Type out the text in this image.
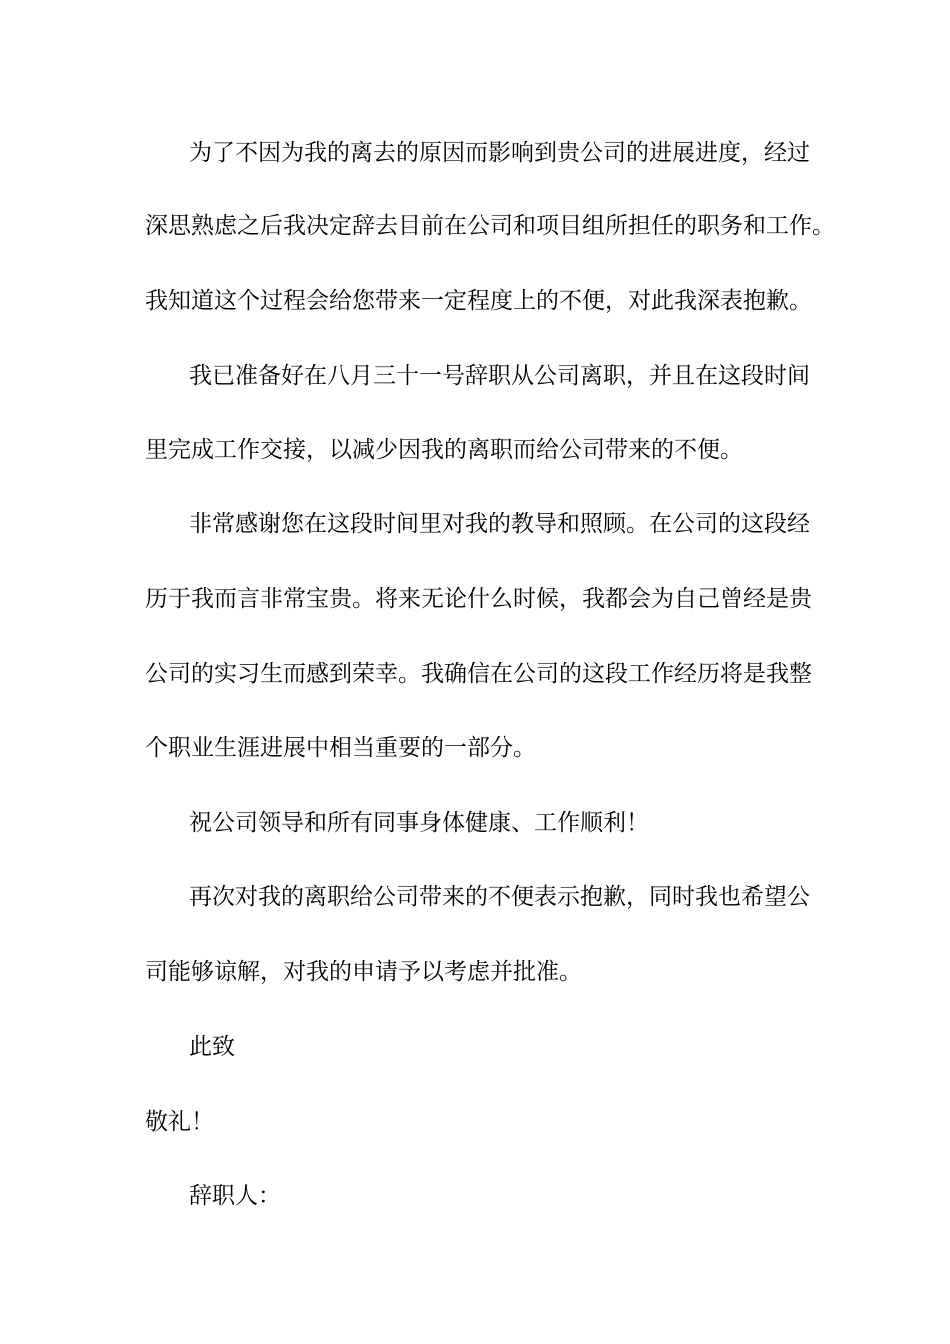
为了不因为我的离去的原因而影响到贵公司的进展进度，经过
深思熟虑之后我决定辞去目前在公司和项目组所担任的职务和工作。
我知道这个过程会给您带来一定程度上的不便，对此我深表抱歉。
我已准备好在八月三十一号辞职从公司离职，并且在这段时间
里完成工作交接，以减少因我的离职而给公司带来的不便。
非常感谢您在这段时间里对我的教导和照顾。在公司的这段经
历于我而言非常宝贵。将来无论什么时候，我都会为自己曾经是贵
公司的实习生而感到荣幸。我确信在公司的这段工作经历将是我整
个职业生涯进展中相当重要的一部分。
祝公司领导和所有同事身体健康、工作顺利！
再次对我的离职给公司带来的不便表示抱歉，同时我也希望公
司能够谅解，对我的申请予以考虑并批准。
此致
敬礼！
辞职人：
